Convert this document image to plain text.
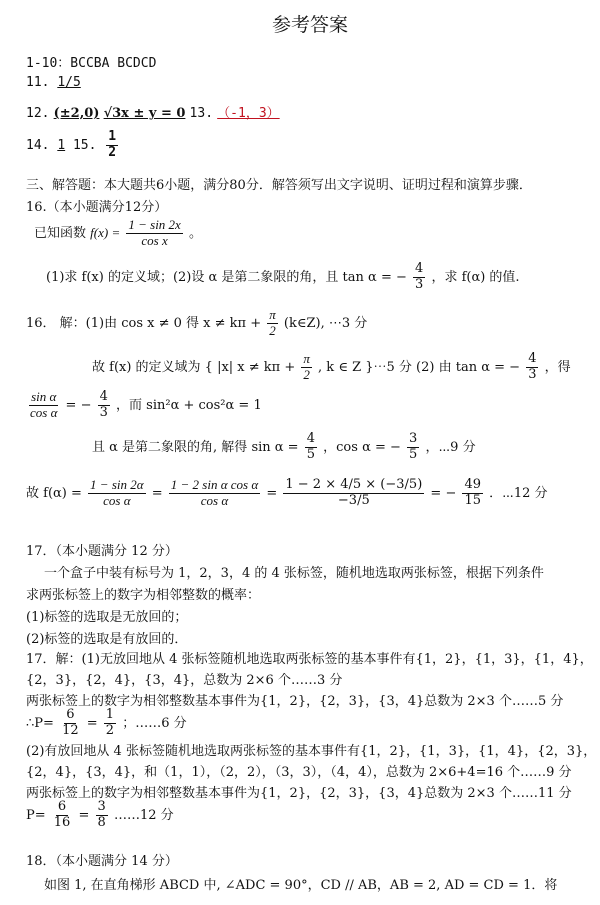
参考答案
1-10：BCCBA BCDCD
11. 1/5
12. (±2,0) √3x ± y = 0 13. （-1，3）
14. 1 15. $\frac{1}{2}$
三、解答题：本大题共6小题，满分80分．解答须写出文字说明、证明过程和演算步骤．
16.（本小题满分12分）
已知函数 $f(x) = \frac{1 - \sin 2x}{\text{cos x}}$ 。
(1)求 f(x) 的定义域；(2)设 α 是第二象限的角，且 tan α = − $\frac{4}{3}$ ，求 f(α) 的值.
16． 解：(1)由 cos x ≠ 0 得 $x \ne k\pi + \frac{\pi}{2}$ (k∈Z), ⋯3 分
故 f(x) 的定义域为 { |x| $x \ne k\pi + \frac{\pi}{2}$ , k ∈ Z }⋯5 分 (2) 由 tan α = − $\frac{4}{3}$ ，得
$\frac{\text{sin α}}{\text{cos α}}$ = − $\frac{4}{3}$ ，而 sin²α + cos²α = 1
且 α 是第二象限的角, 解得 $\sin \alpha = \frac{4}{5}$ ，cos α = − $\frac{3}{5}$ ，⋯9 分
故 $f(\alpha) = \frac{1 - \sin 2\alpha}{\text{cos α}} = \frac{\text{1 − 2 sin α cos α}}{\text{cos α}} = \frac{1 - 2 \times 4/5 \times (-3/5)}{-3/5}$ = − $\frac{49}{15}$ ．⋯12 分
17．（本小题满分 12 分）
一个盒子中装有标号为 1，2，3，4 的 4 张标签，随机地选取两张标签，根据下列条件
求两张标签上的数字为相邻整数的概率：
(1)标签的选取是无放回的；
(2)标签的选取是有放回的．
17．解：(1)无放回地从 4 张标签随机地选取两张标签的基本事件有{1，2}，{1，3}，{1，4}，
{2，3}，{2，4}，{3，4}，总数为 2×6 个……3 分
两张标签上的数字为相邻整数基本事件为{1，2}，{2，3}，{3，4}总数为 2×3 个……5 分
∴P= $\frac{6}{12} = \frac{1}{2}$ ；……6 分
(2)有放回地从 4 张标签随机地选取两张标签的基本事件有{1，2}，{1，3}，{1，4}，{2，3}，
{2，4}，{3，4}，和（1，1），（2，2），（3，3），（4，4），总数为 2×6+4=16 个……9 分
两张标签上的数字为相邻整数基本事件为{1，2}，{2，3}，{3，4}总数为 2×3 个……11 分
$P= \frac{6}{16} = \frac{3}{8}$ ……12 分
18．（本小题满分 14 分）
如图 1, 在直角梯形 ABCD 中, ∠ADC = 90°，CD // AB，AB = 2, AD = CD = 1．将
